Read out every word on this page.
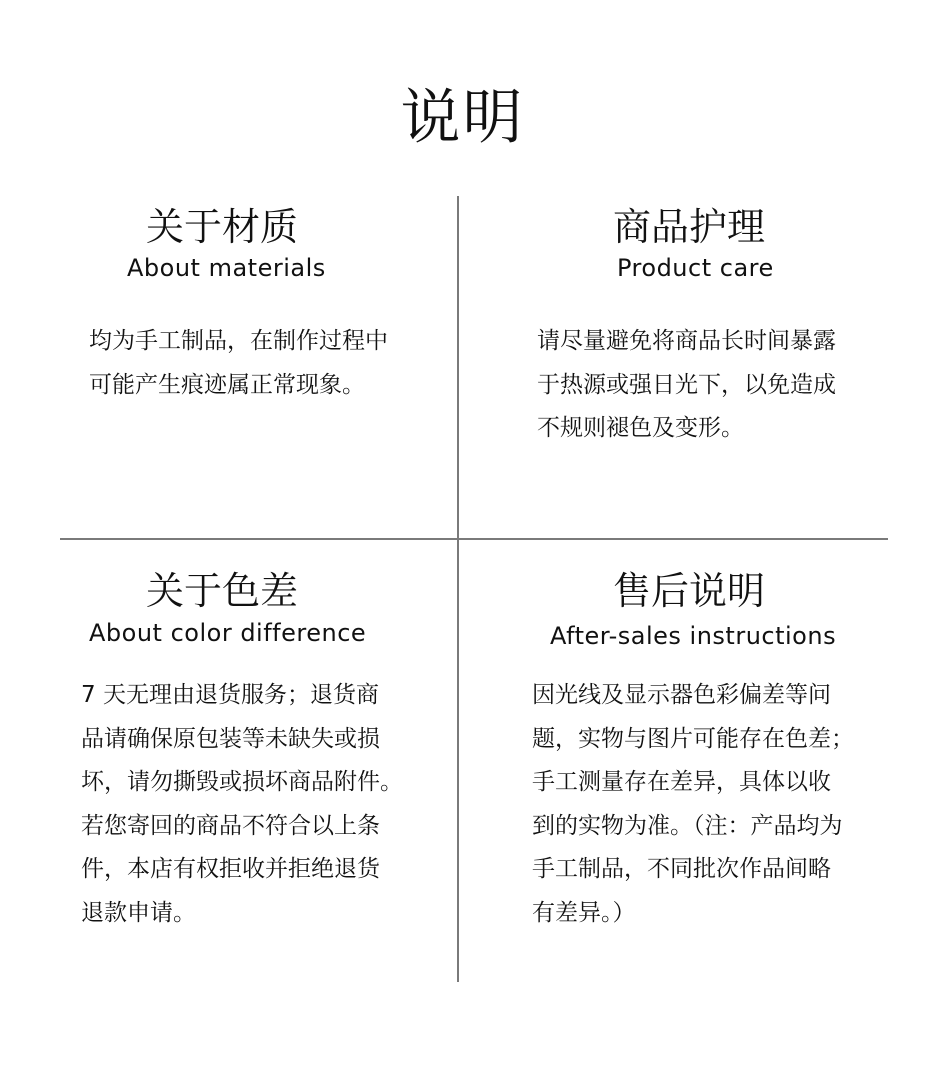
说明
关于材质

About materials

均为手工制品，在制作过程中
可能产生痕迹属正常现象。
商品护理

Product care

请尽量避免将商品长时间暴露
于热源或强日光下，以免造成
不规则褪色及变形。
关于色差

About color difference

7 天无理由退货服务；退货商
品请确保原包装等未缺失或损
坏，请勿撕毁或损坏商品附件。
若您寄回的商品不符合以上条
件，本店有权拒收并拒绝退货
退款申请。
售后说明

After-sales instructions

因光线及显示器色彩偏差等问
题，实物与图片可能存在色差；
手工测量存在差异，具体以收
到的实物为准。（注：产品均为
手工制品，不同批次作品间略
有差异。）
